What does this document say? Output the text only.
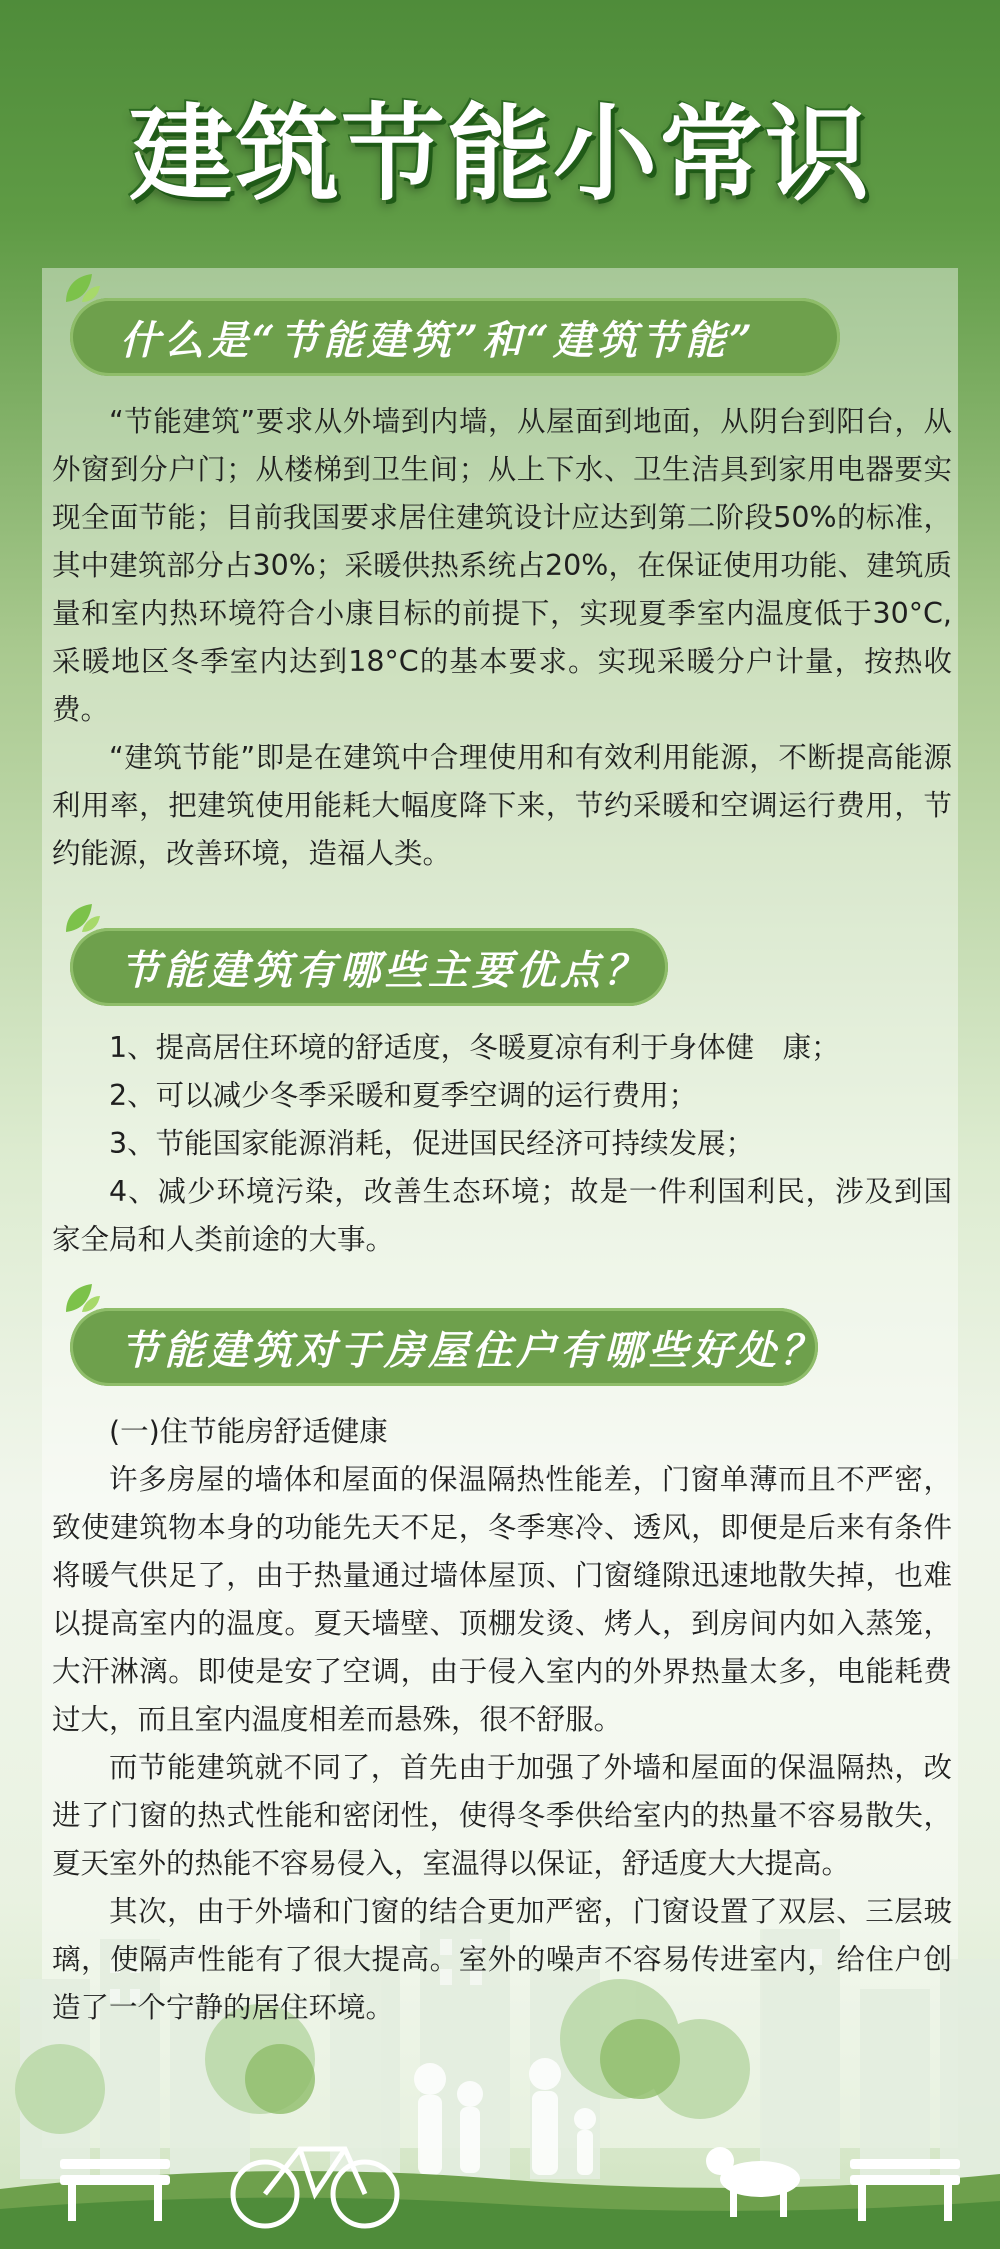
建筑节能小常识
什么是“节能建筑”和“建筑节能”

“节能建筑”要求从外墙到内墙，从屋面到地面，从阴台到阳台，从外窗到分户门；从楼梯到卫生间；从上下水、卫生洁具到家用电器要实现全面节能；目前我国要求居住建筑设计应达到第二阶段50%的标准，其中建筑部分占30%；采暖供热系统占20%，在保证使用功能、建筑质量和室内热环境符合小康目标的前提下，实现夏季室内温度低于30°C,采暖地区冬季室内达到18°C的基本要求。实现采暖分户计量，按热收费。

“建筑节能”即是在建筑中合理使用和有效利用能源，不断提高能源利用率，把建筑使用能耗大幅度降下来，节约采暖和空调运行费用，节约能源，改善环境，造福人类。

节能建筑有哪些主要优点？

1、提高居住环境的舒适度，冬暖夏凉有利于身体健　康；

2、可以减少冬季采暖和夏季空调的运行费用；

3、节能国家能源消耗，促进国民经济可持续发展；

4、减少环境污染，改善生态环境；故是一件利国利民，涉及到国家全局和人类前途的大事。

节能建筑对于房屋住户有哪些好处？

(一)住节能房舒适健康

许多房屋的墙体和屋面的保温隔热性能差，门窗单薄而且不严密，致使建筑物本身的功能先天不足，冬季寒冷、透风，即便是后来有条件将暖气供足了，由于热量通过墙体屋顶、门窗缝隙迅速地散失掉，也难以提高室内的温度。夏天墙壁、顶棚发烫、烤人，到房间内如入蒸笼，大汗淋漓。即使是安了空调，由于侵入室内的外界热量太多，电能耗费过大，而且室内温度相差而悬殊，很不舒服。

而节能建筑就不同了，首先由于加强了外墙和屋面的保温隔热，改进了门窗的热式性能和密闭性，使得冬季供给室内的热量不容易散失，夏天室外的热能不容易侵入，室温得以保证，舒适度大大提高。

其次，由于外墙和门窗的结合更加严密，门窗设置了双层、三层玻璃，使隔声性能有了很大提高。室外的噪声不容易传进室内，给住户创造了一个宁静的居住环境。
